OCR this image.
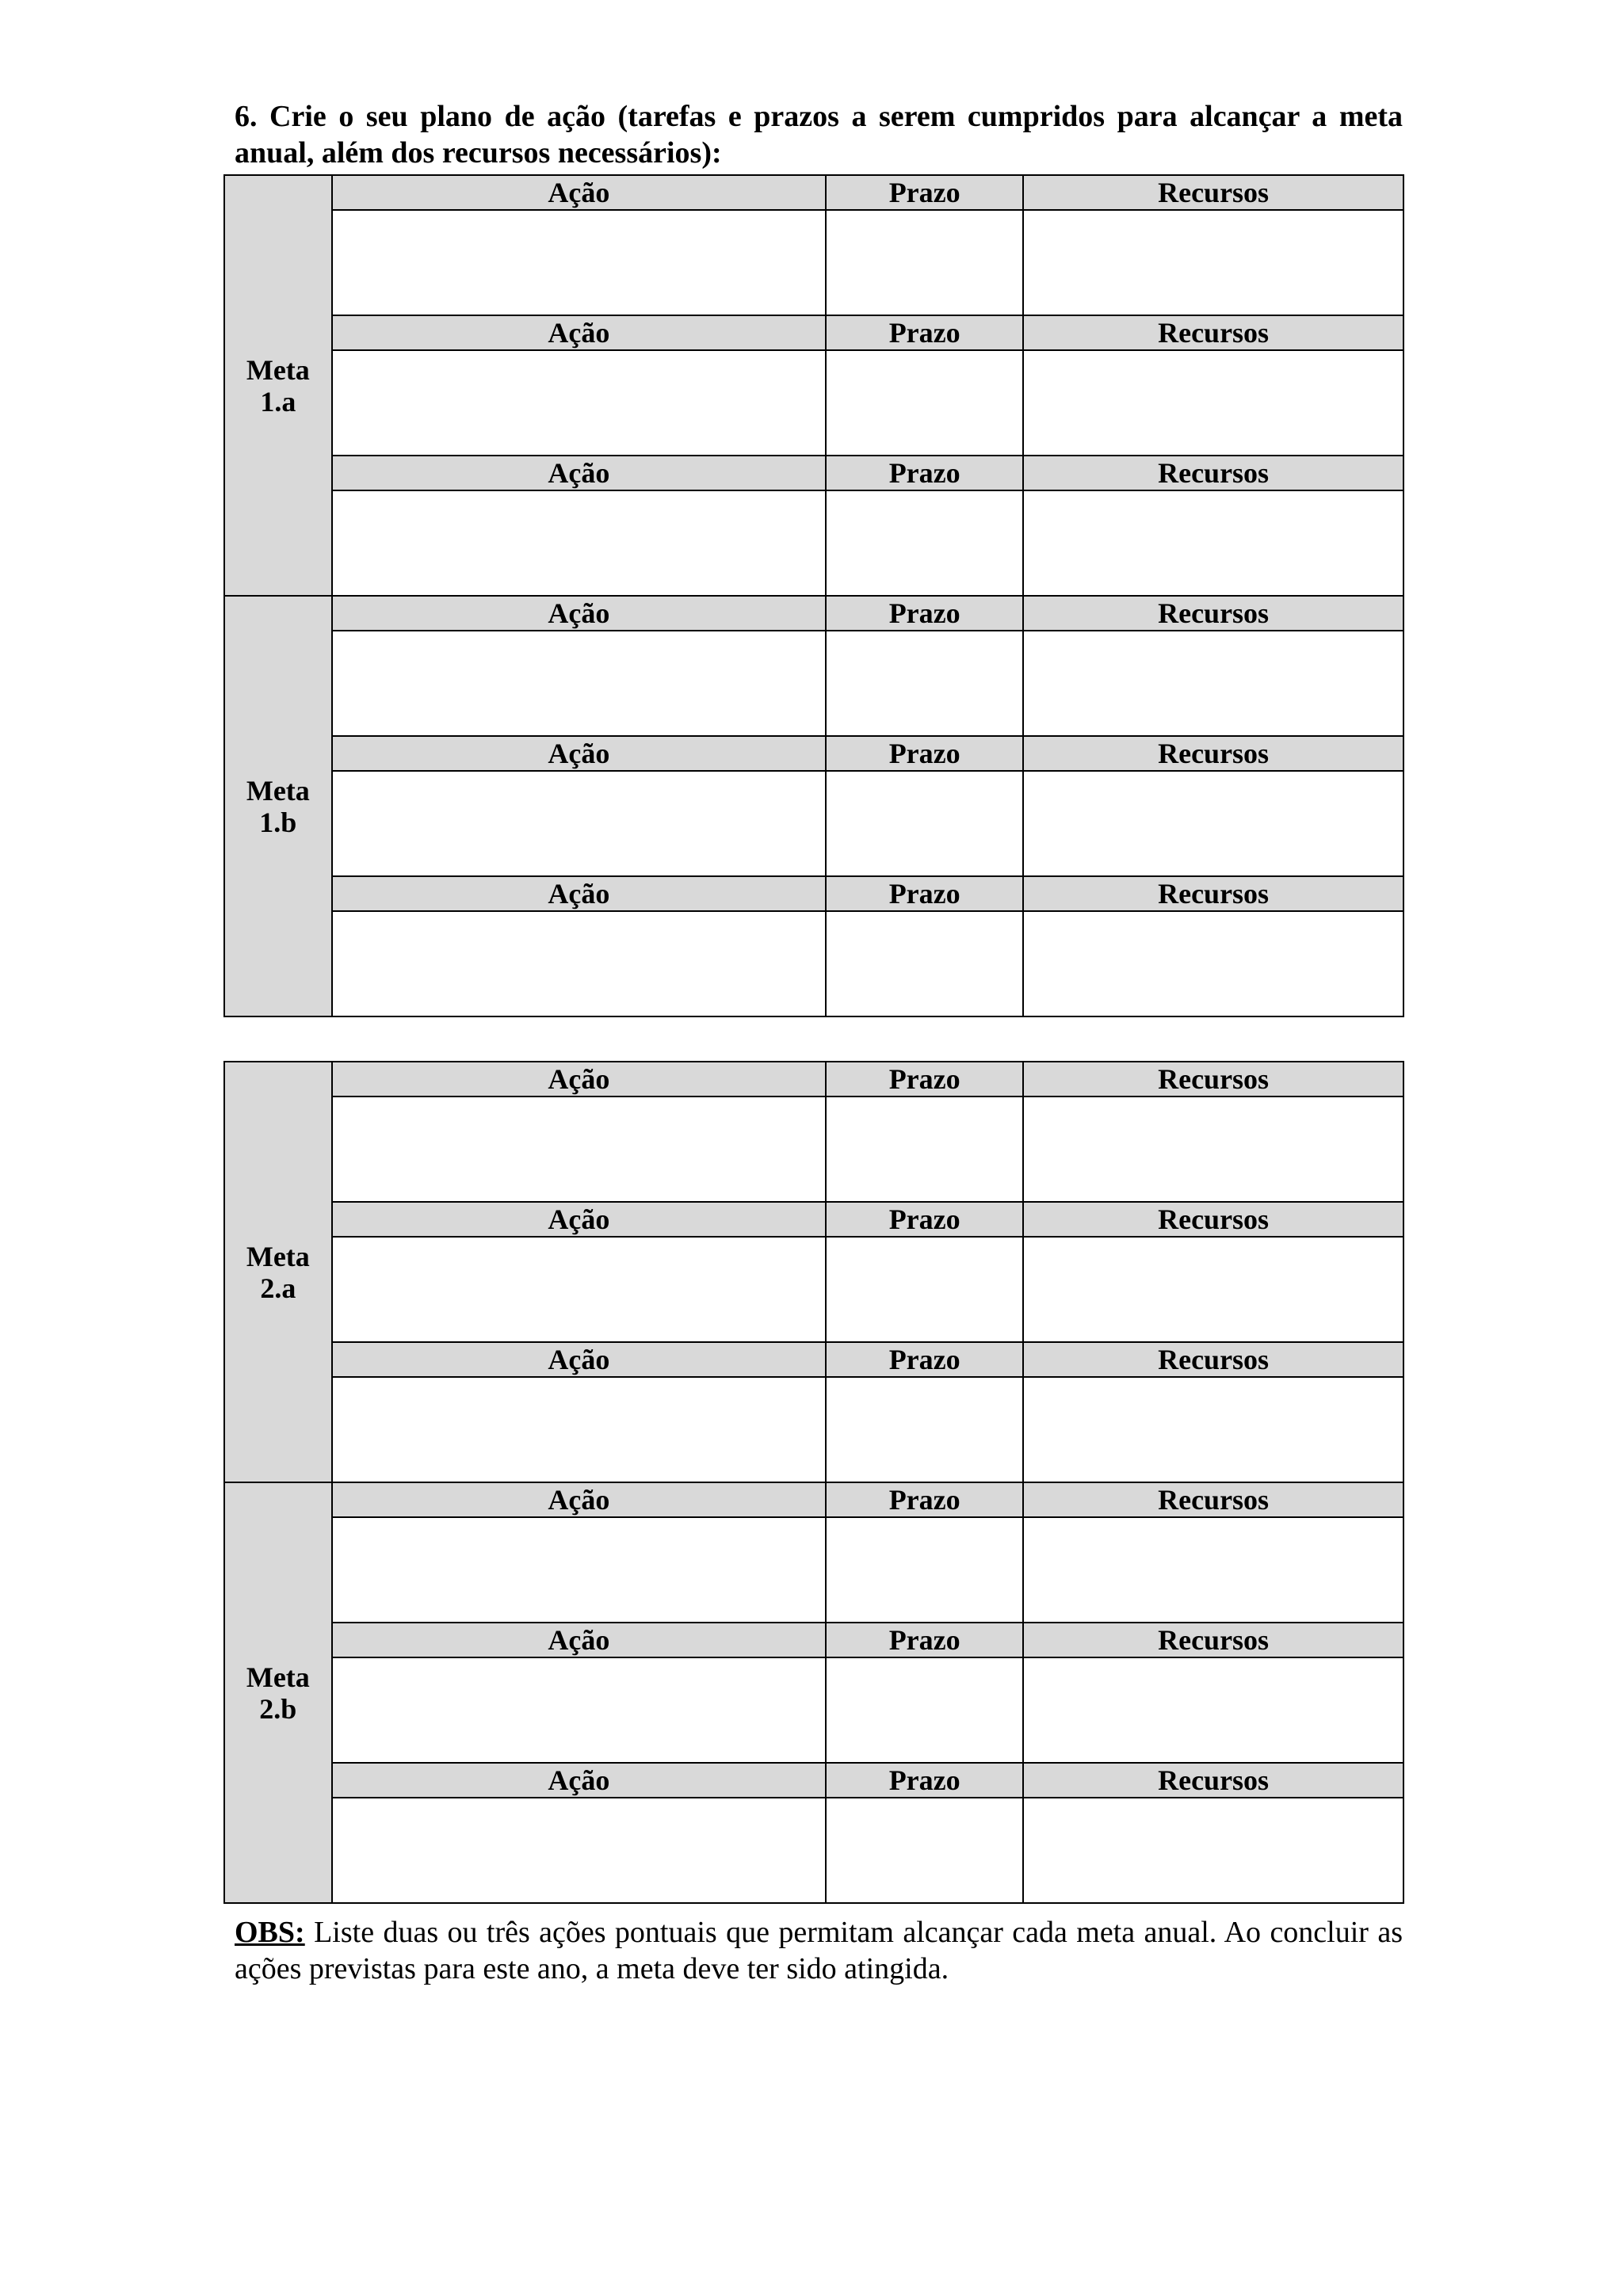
6. Crie o seu plano de ação (tarefas e prazos a serem cumpridos para alcançar a meta anual, além dos recursos necessários):

Meta
1.a	Ação	Prazo	Recursos

	Ação	Prazo	Recursos

	Ação	Prazo	Recursos

Meta
1.b	Ação	Prazo	Recursos

	Ação	Prazo	Recursos

	Ação	Prazo	Recursos

Meta
2.a	Ação	Prazo	Recursos

	Ação	Prazo	Recursos

	Ação	Prazo	Recursos

Meta
2.b	Ação	Prazo	Recursos

	Ação	Prazo	Recursos

	Ação	Prazo	Recursos

OBS: Liste duas ou três ações pontuais que permitam alcançar cada meta anual. Ao concluir as ações previstas para este ano, a meta deve ter sido atingida.
